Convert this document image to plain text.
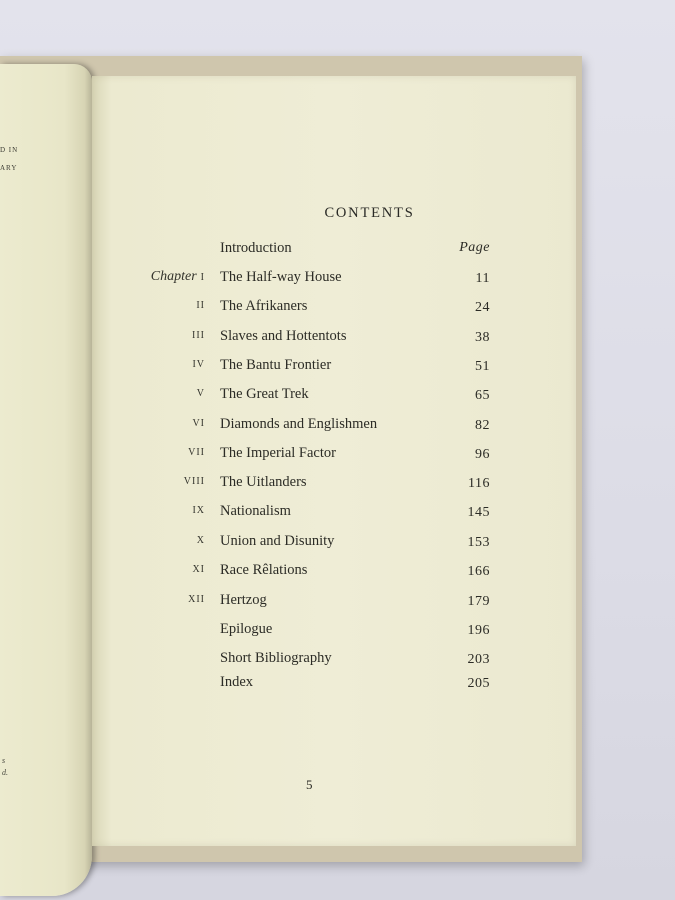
D IN
ARY
s
d.
CONTENTS
Introduction	Page
Chapter I The Half-way House	11
II The Afrikaners	24
III Slaves and Hottentots	38
IV The Bantu Frontier	51
V The Great Trek	65
VI Diamonds and Englishmen	82
VII The Imperial Factor	96
VIII The Uitlanders	116
IX Nationalism	145
X Union and Disunity	153
XI Race Rêlations	166
XII Hertzog	179
Epilogue	196
Short Bibliography	203
Index	205
5
